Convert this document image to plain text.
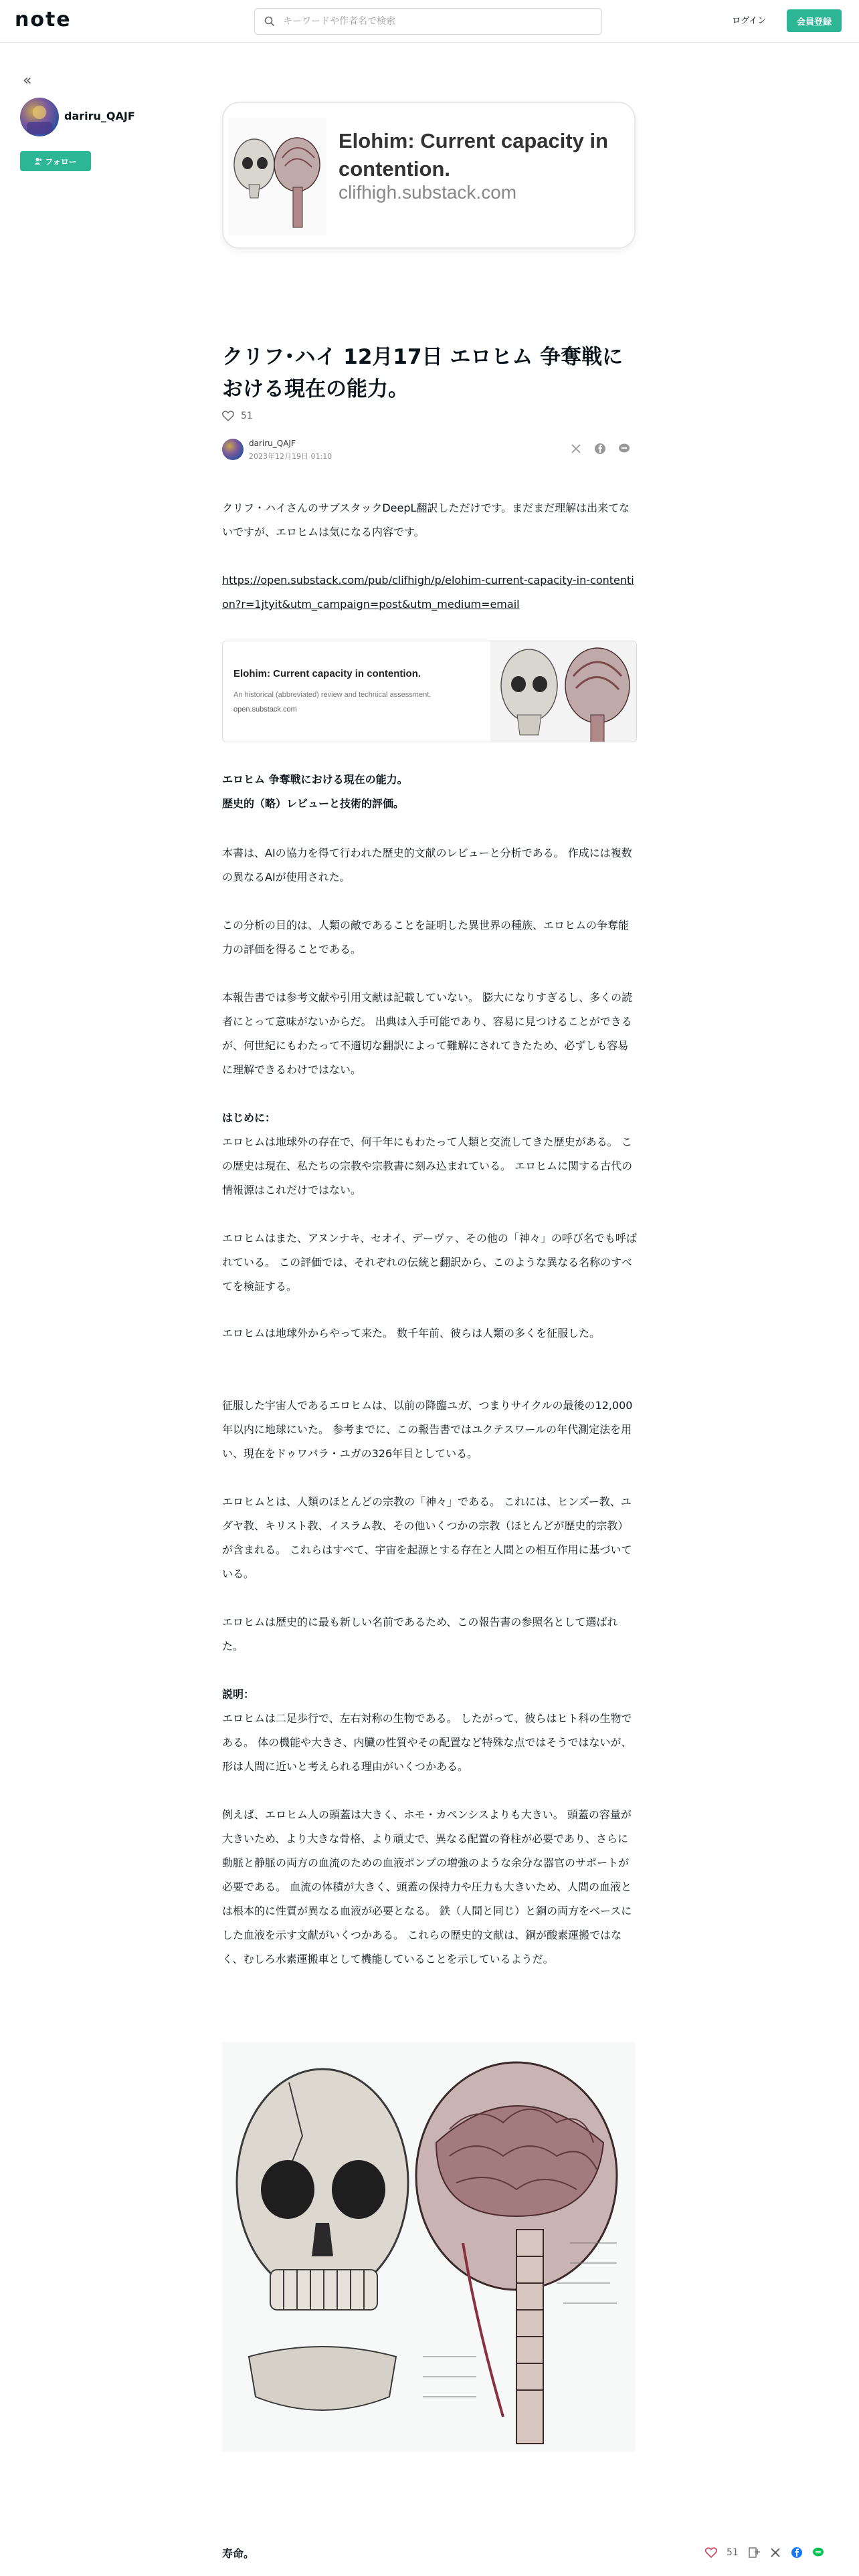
note
キーワードや作者名で検索	ログイン	会員登録
«
dariru_QAJF
フォロー
Elohim: Current capacity in contention.
clifhigh.substack.com
クリフ･ハイ 12月17日 エロヒム 争奪戦における現在の能力。
51
dariru_QAJF
2023年12月19日 01:10

クリフ・ハイさんのサブスタックDeepL翻訳しただけです。まだまだ理解は出来てないですが、エロヒムは気になる内容です。

https://open.substack.com/pub/clifhigh/p/elohim-current-capacity-in-contention?r=1jtyit&utm_campaign=post&utm_medium=email

Elohim: Current capacity in contention.
An historical (abbreviated) review and technical assessment.
open.substack.com

エロヒム 争奪戦における現在の能力。
歴史的（略）レビューと技術的評価。

本書は、AIの協力を得て行われた歴史的文献のレビューと分析である。 作成には複数の異なるAIが使用された。

この分析の目的は、人類の敵であることを証明した異世界の種族、エロヒムの争奪能力の評価を得ることである。

本報告書では参考文献や引用文献は記載していない。 膨大になりすぎるし、多くの読者にとって意味がないからだ。 出典は入手可能であり、容易に見つけることができるが、何世紀にもわたって不適切な翻訳によって難解にされてきたため、必ずしも容易に理解できるわけではない。

はじめに：

エロヒムは地球外の存在で、何千年にもわたって人類と交流してきた歴史がある。 この歴史は現在、私たちの宗教や宗教書に刻み込まれている。 エロヒムに関する古代の情報源はこれだけではない。

エロヒムはまた、アヌンナキ、セオイ、デーヴァ、その他の「神々」の呼び名でも呼ばれている。 この評価では、それぞれの伝統と翻訳から、このような異なる名称のすべてを検証する。

エロヒムは地球外からやって来た。 数千年前、彼らは人類の多くを征服した。

征服した宇宙人であるエロヒムは、以前の降臨ユガ、つまりサイクルの最後の12,000年以内に地球にいた。 参考までに、この報告書ではユクテスワールの年代測定法を用い、現在をドゥワパラ・ユガの326年目としている。

エロヒムとは、人類のほとんどの宗教の「神々」である。 これには、ヒンズー教、ユダヤ教、キリスト教、イスラム教、その他いくつかの宗教（ほとんどが歴史的宗教）が含まれる。 これらはすべて、宇宙を起源とする存在と人間との相互作用に基づいている。

エロヒムは歴史的に最も新しい名前であるため、この報告書の参照名として選ばれた。

説明：

エロヒムは二足歩行で、左右対称の生物である。 したがって、彼らはヒト科の生物である。 体の機能や大きさ、内臓の性質やその配置など特殊な点ではそうではないが、形は人間に近いと考えられる理由がいくつかある。

例えば、エロヒム人の頭蓋は大きく、ホモ・カペンシスよりも大きい。 頭蓋の容量が大きいため、より大きな骨格、より頑丈で、異なる配置の脊柱が必要であり、さらに動脈と静脈の両方の血流のための血液ポンプの増強のような余分な器官のサポートが必要である。 血流の体積が大きく、頭蓋の保持力や圧力も大きいため、人間の血液とは根本的に性質が異なる血液が必要となる。 鉄（人間と同じ）と銅の両方をベースにした血液を示す文献がいくつかある。 これらの歴史的文献は、銅が酸素運搬ではなく、むしろ水素運搬車として機能していることを示しているようだ。

寿命。	51
